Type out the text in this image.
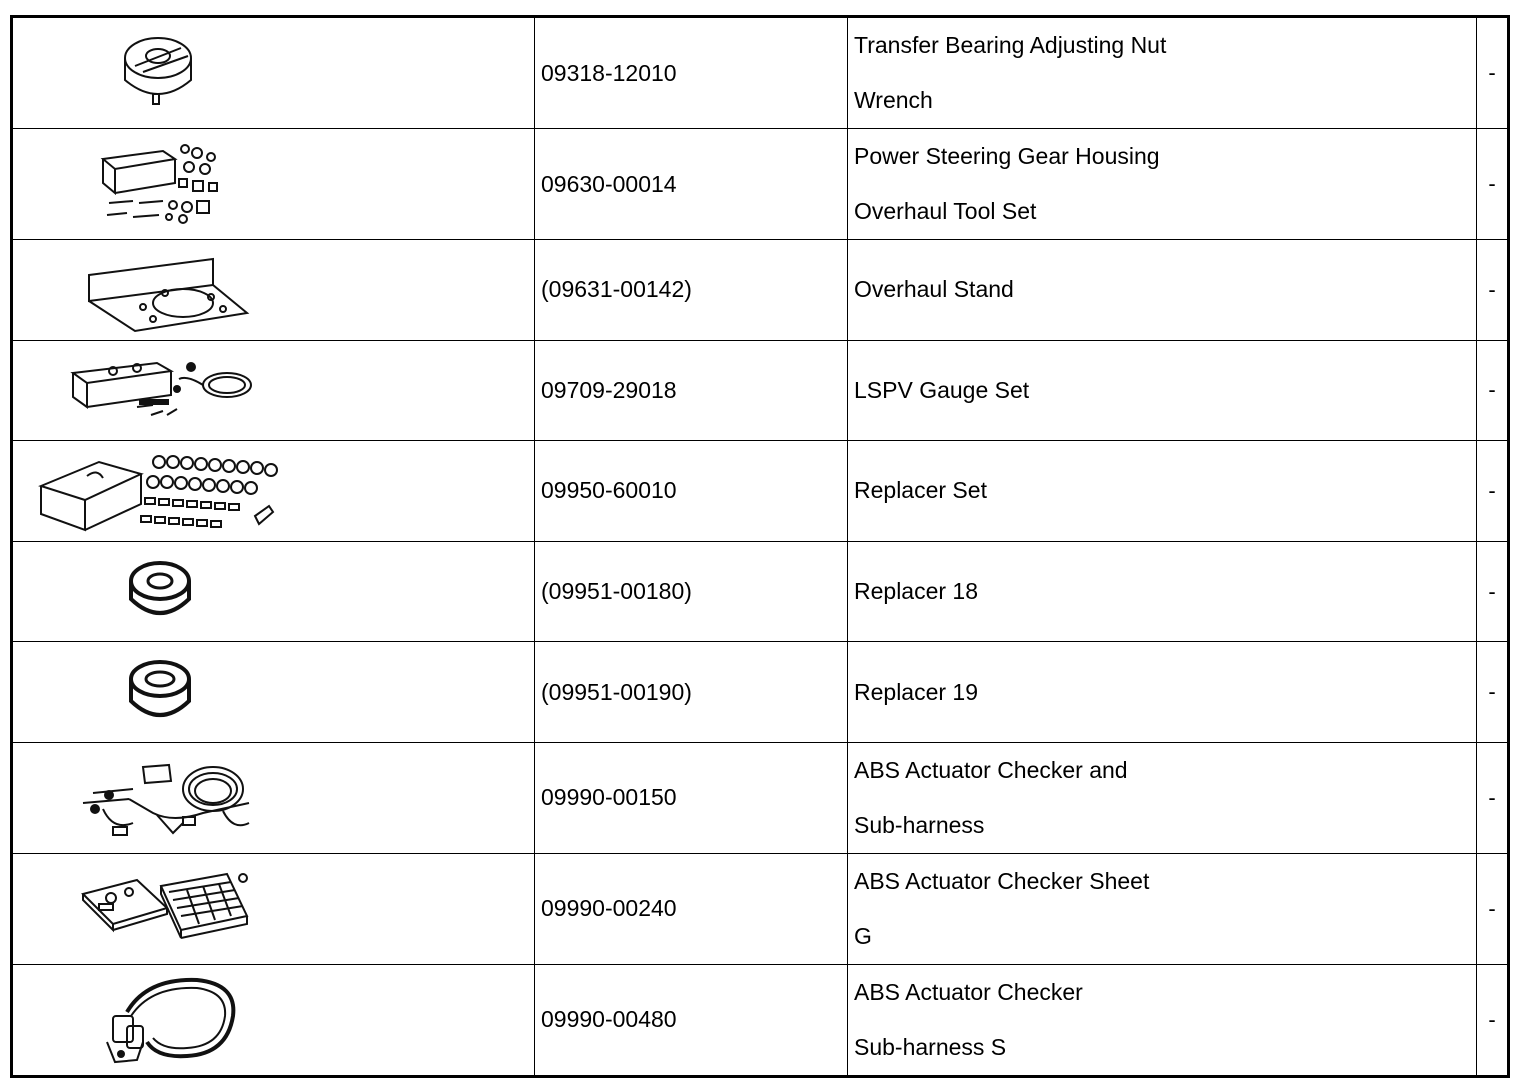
09318-12010
Transfer Bearing Adjusting Nut
Wrench
-
09630-00014
Power Steering Gear Housing
Overhaul Tool Set
-
(09631-00142)	Overhaul Stand	-
09709-29018	LSPV Gauge Set	-
09950-60010	Replacer Set	-
(09951-00180)	Replacer 18	-
(09951-00190)	Replacer 19	-
09990-00150
ABS Actuator Checker and
Sub-harness
-
09990-00240
ABS Actuator Checker Sheet
G
-
09990-00480
ABS Actuator Checker
Sub-harness S
-
